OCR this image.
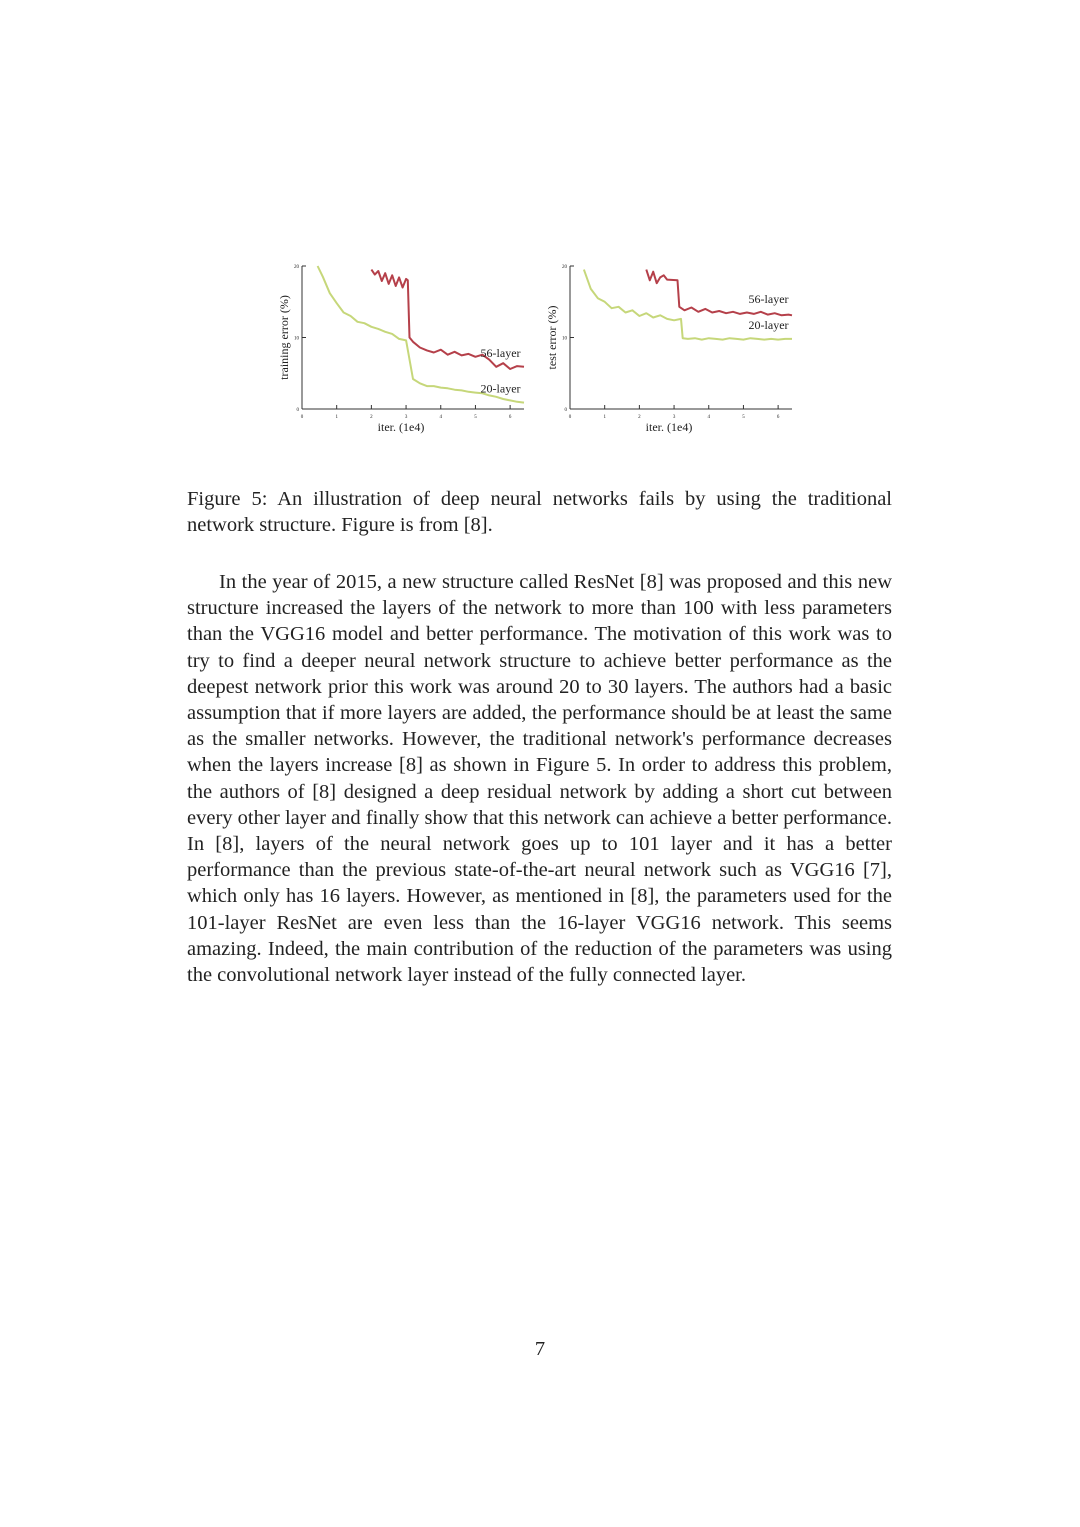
0	1	2	3	4	5	6
0
10
20
iter. (1e4)
training error (%)	56-layer
20-layer
0	1	2	3	4	5	6
0
10
20
iter. (1e4)
test error (%)
56-layer
20-layer

Figure 5: An illustration of deep neural networks fails by using the traditional network structure. Figure is from [8].

In the year of 2015, a new structure called ResNet [8] was proposed and this new structure increased the layers of the network to more than 100 with less parameters than the VGG16 model and better performance. The motivation of this work was to try to find a deeper neural network structure to achieve better performance as the deepest network prior this work was around 20 to 30 layers. The authors had a basic assumption that if more layers are added, the performance should be at least the same as the smaller networks. However, the traditional network's performance decreases when the layers increase [8] as shown in Figure 5. In order to address this problem, the authors of [8] designed a deep residual network by adding a short cut between every other layer and finally show that this network can achieve a better performance. In [8], layers of the neural network goes up to 101 layer and it has a better performance than the previous state-of-the-art neural network such as VGG16 [7], which only has 16 layers. However, as mentioned in [8], the parameters used for the 101-layer ResNet are even less than the 16-layer VGG16 network. This seems amazing. Indeed, the main contribution of the reduction of the parameters was using the convolutional network layer instead of the fully connected layer.

7
